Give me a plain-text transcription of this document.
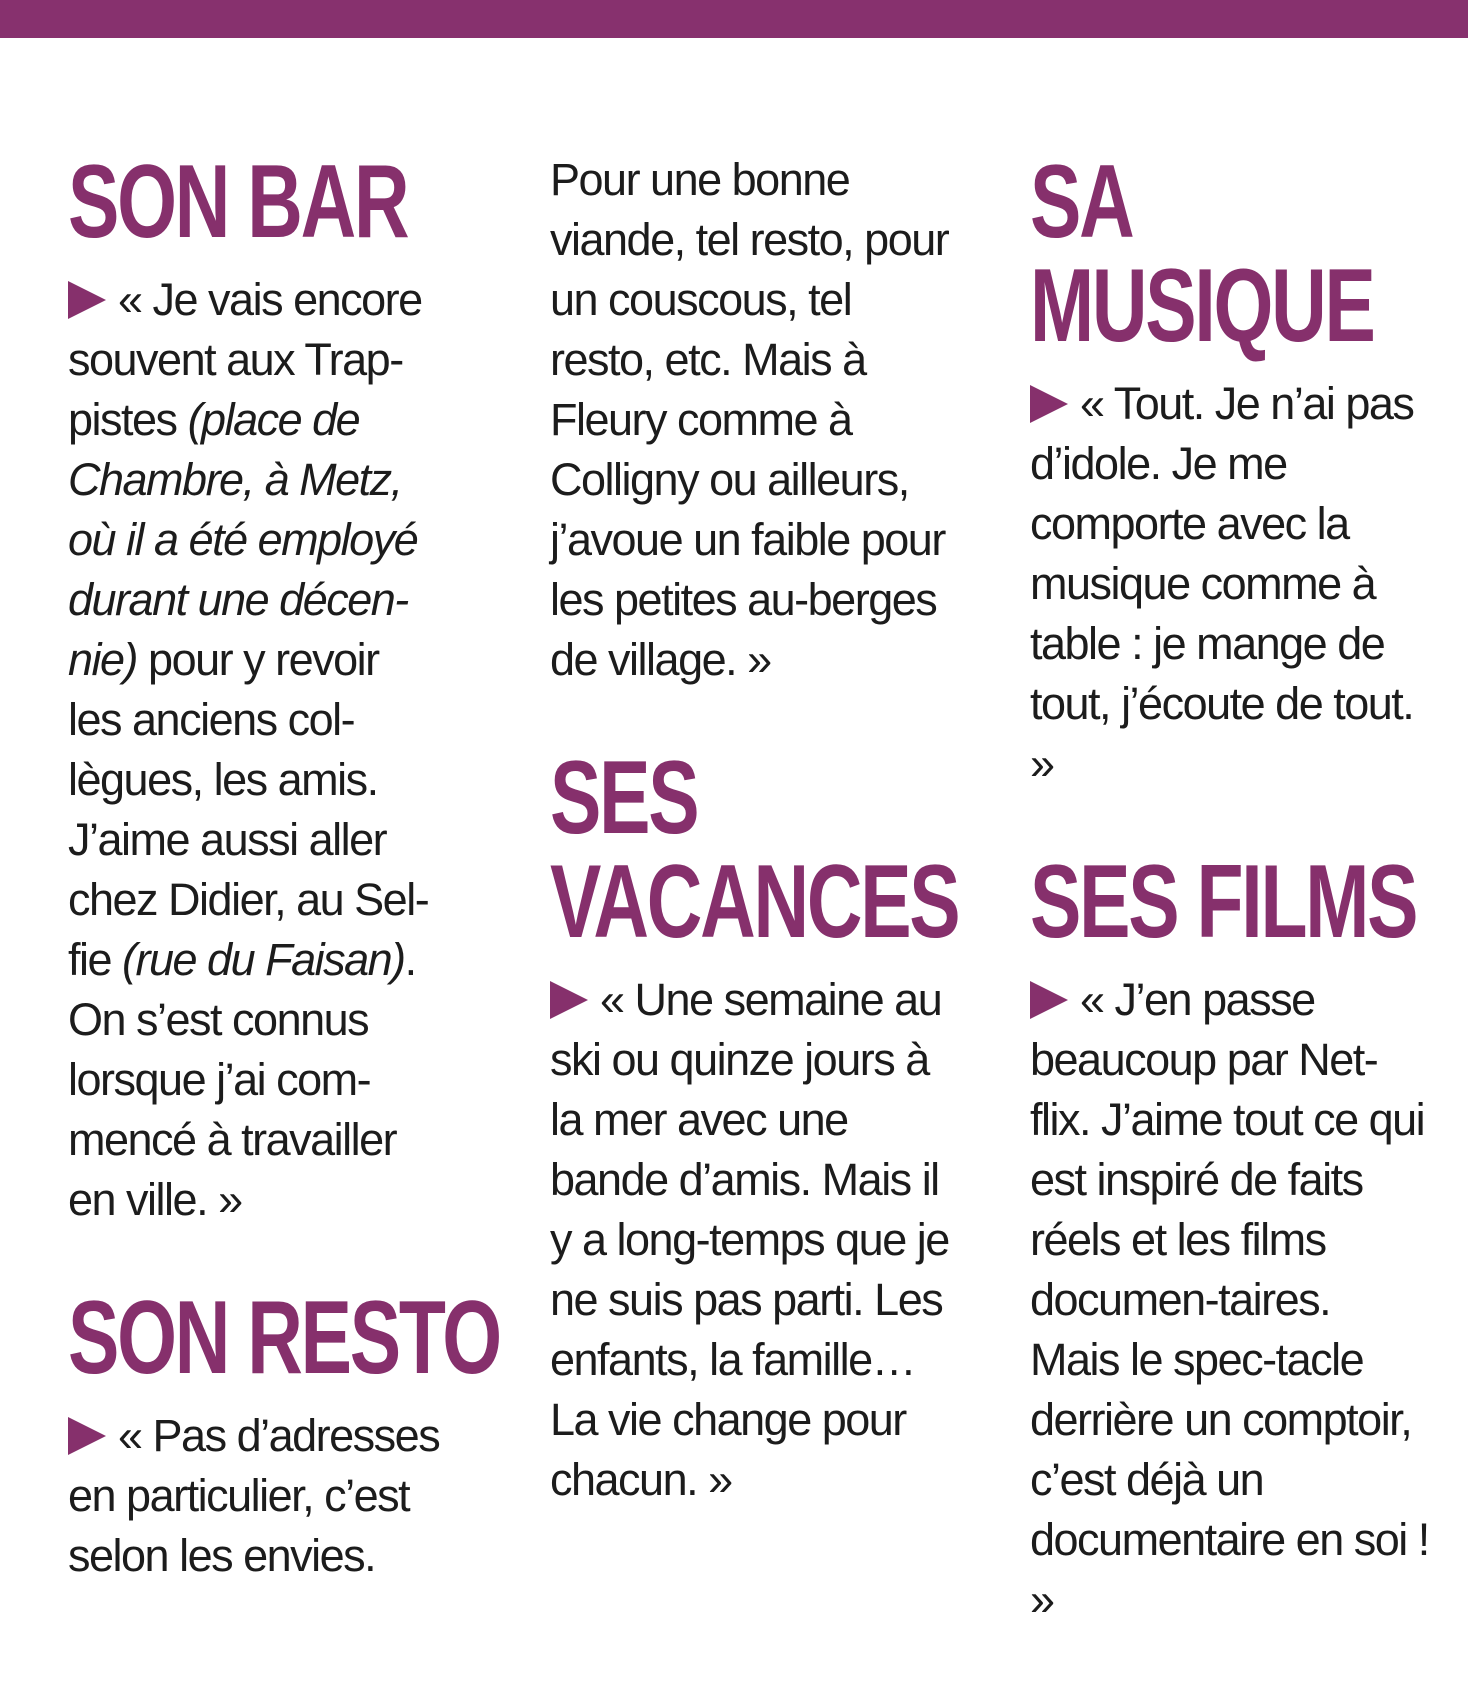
SON BAR

« Je vais encore souvent aux Trap-pistes (place de Chambre, à Metz, où il a été employé durant une décen-nie) pour y revoir les anciens col-lègues, les amis. J’aime aussi aller chez Didier, au Sel-fie (rue du Faisan). On s’est connus lorsque j’ai com-mencé à travailler en ville. »

SON RESTO

« Pas d’adresses en particulier, c’est selon les envies.

Pour une bonne viande, tel resto, pour un couscous, tel resto, etc. Mais à Fleury comme à Colligny ou ailleurs, j’avoue un faible pour les petites au-berges de village. »

SES VACANCES

« Une semaine au ski ou quinze jours à la mer avec une bande d’amis. Mais il y a long-temps que je ne suis pas parti. Les enfants, la famille… La vie change pour chacun. »

SA MUSIQUE

« Tout. Je n’ai pas d’idole. Je me comporte avec la musique comme à table : je mange de tout, j’écoute de tout. »

SES FILMS

« J’en passe beaucoup par Net-flix. J’aime tout ce qui est inspiré de faits réels et les films documen-taires. Mais le spec-tacle derrière un comptoir, c’est déjà un documentaire en soi ! »
